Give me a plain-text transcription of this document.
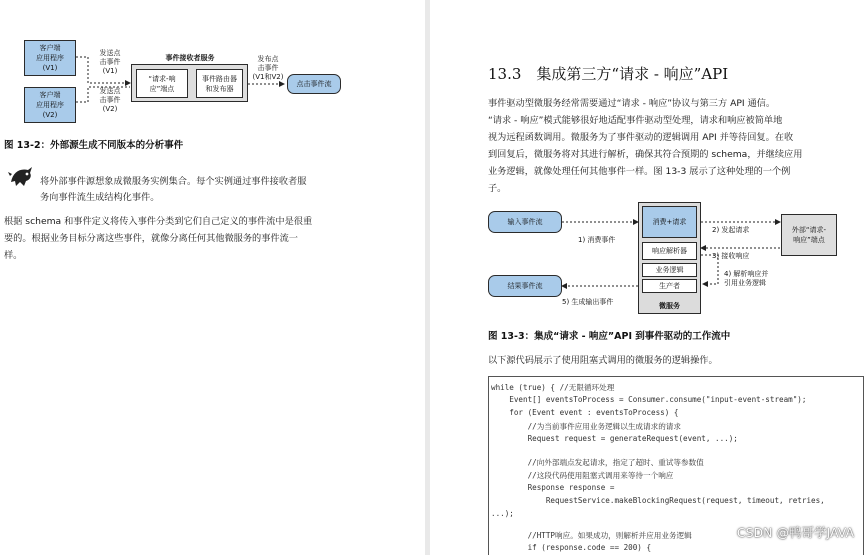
客户端
应用程序
(V1)
客户端
应用程序
(V2)
发送点
击事件
(V1)
发送点
击事件
(V2)
事件接收者服务
“请求-响
应”端点
事件路由器
和发布器
发布点
击事件
(V1和V2)
点击事件流
图 13-2：外部源生成不同版本的分析事件
将外部事件源想象成微服务实例集合。每个实例通过事件接收者服
务向事件流生成结构化事件。
根据 schema 和事件定义将传入事件分类到它们自己定义的事件流中是很重
要的。根据业务目标分离这些事件，就像分离任何其他微服务的事件流一
样。
13.3　集成第三方“请求 - 响应”API
事件驱动型微服务经常需要通过“请求 - 响应”协议与第三方 API 通信。
“请求 - 响应”模式能够很好地适配事件驱动型处理，请求和响应被简单地
视为远程函数调用。微服务为了事件驱动的逻辑调用 API 并等待回复。在收
到回复后，微服务将对其进行解析，确保其符合预期的 schema，并继续应用
业务逻辑，就像处理任何其他事件一样。图 13-3 展示了这种处理的一个例
子。
输入事件流
结果事件流
微服务
消费+请求
响应解析器
业务逻辑
生产者
外部“请求-
响应”端点
1) 消费事件
2) 发起请求
3) 接收响应
4) 解析响应并
引用业务逻辑
5) 生成输出事件
图 13-3：集成“请求 - 响应”API 到事件驱动的工作流中
以下源代码展示了使用阻塞式调用的微服务的逻辑操作。
while (true) { //无限循环处理
Event[] eventsToProcess = Consumer.consume("input-event-stream");
for (Event event : eventsToProcess) {
//为当前事件应用业务逻辑以生成请求的请求
Request request = generateRequest(event, ...);
//向外部端点发起请求，指定了超时、重试等参数值
//这段代码使用阻塞式调用来等待一个响应
Response response =
RequestService.makeBlockingRequest(request, timeout, retries,
...);
//HTTP响应。如果成功，则解析并应用业务逻辑
if (response.code == 200) {
CSDN @鸭哥学JAVA
